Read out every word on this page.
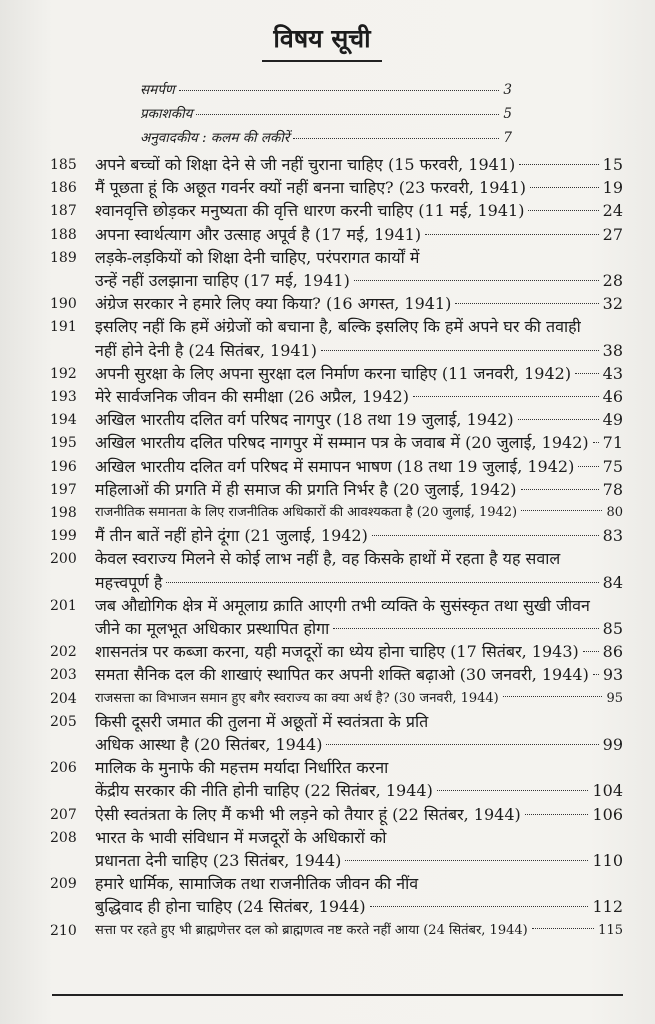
विषय सूची
समर्पण	3
प्रकाशकीय	5
अनुवादकीय : कलम की लकीरें	7
185	अपने बच्चों को शिक्षा देने से जी नहीं चुराना चाहिए (15 फरवरी, 1941)	15
186	मैं पूछता हूं कि अछूत गवर्नर क्यों नहीं बनना चाहिए? (23 फरवरी, 1941)	19
187	श्वानवृत्ति छोड़कर मनुष्यता की वृत्ति धारण करनी चाहिए (11 मई, 1941)	24
188	अपना स्वार्थत्याग और उत्साह अपूर्व है (17 मई, 1941)	27
189	लड़के-लड़कियों को शिक्षा देनी चाहिए, परंपरागत कार्यों में
उन्हें नहीं उलझाना चाहिए (17 मई, 1941)	28
190	अंग्रेज सरकार ने हमारे लिए क्या किया? (16 अगस्त, 1941)	32
191	इसलिए नहीं कि हमें अंग्रेजों को बचाना है, बल्कि इसलिए कि हमें अपने घर की तवाही
नहीं होने देनी है (24 सितंबर, 1941)	38
192	अपनी सुरक्षा के लिए अपना सुरक्षा दल निर्माण करना चाहिए (11 जनवरी, 1942) 43
193	मेरे सार्वजनिक जीवन की समीक्षा (26 अप्रैल, 1942)	46
194	अखिल भारतीय दलित वर्ग परिषद नागपुर (18 तथा 19 जुलाई, 1942)	49
195	अखिल भारतीय दलित परिषद नागपुर में सम्मान पत्र के जवाब में (20 जुलाई, 1942) 71
196	अखिल भारतीय दलित वर्ग परिषद में समापन भाषण (18 तथा 19 जुलाई, 1942) 75
197	महिलाओं की प्रगति में ही समाज की प्रगति निर्भर है (20 जुलाई, 1942)	78
198	राजनीतिक समानता के लिए राजनीतिक अधिकारों की आवश्यकता है (20 जुलाई, 1942)	80
199	मैं तीन बातें नहीं होने दूंगा (21 जुलाई, 1942)	83
200	केवल स्वराज्य मिलने से कोई लाभ नहीं है, वह किसके हाथों में रहता है यह सवाल
महत्त्वपूर्ण है	84
201	जब औद्योगिक क्षेत्र में अमूलाग्र क्राति आएगी तभी व्यक्ति के सुसंस्कृत तथा सुखी जीवन
जीने का मूलभूत अधिकार प्रस्थापित होगा	85
202	शासनतंत्र पर कब्जा करना, यही मजदूरों का ध्येय होना चाहिए (17 सितंबर, 1943) 86
203	समता सैनिक दल की शाखाएं स्थापित कर अपनी शक्ति बढ़ाओ (30 जनवरी, 1944) 93
204	राजसत्ता का विभाजन समान हुए बगैर स्वराज्य का क्या अर्थ है? (30 जनवरी, 1944)	95
205	किसी दूसरी जमात की तुलना में अछूतों में स्वतंत्रता के प्रति
अधिक आस्था है (20 सितंबर, 1944)	99
206	मालिक के मुनाफे की महत्तम मर्यादा निर्धारित करना
केंद्रीय सरकार की नीति होनी चाहिए (22 सितंबर, 1944)	104
207	ऐसी स्वतंत्रता के लिए मैं कभी भी लड़ने को तैयार हूं (22 सितंबर, 1944)	106
208	भारत के भावी संविधान में मजदूरों के अधिकारों को
प्रधानता देनी चाहिए (23 सितंबर, 1944)	110
209	हमारे धार्मिक, सामाजिक तथा राजनीतिक जीवन की नींव
बुद्धिवाद ही होना चाहिए (24 सितंबर, 1944)	112
210	सत्ता पर रहते हुए भी ब्राह्मणेत्तर दल को ब्राह्मणत्व नष्ट करते नहीं आया (24 सितंबर, 1944)	115
